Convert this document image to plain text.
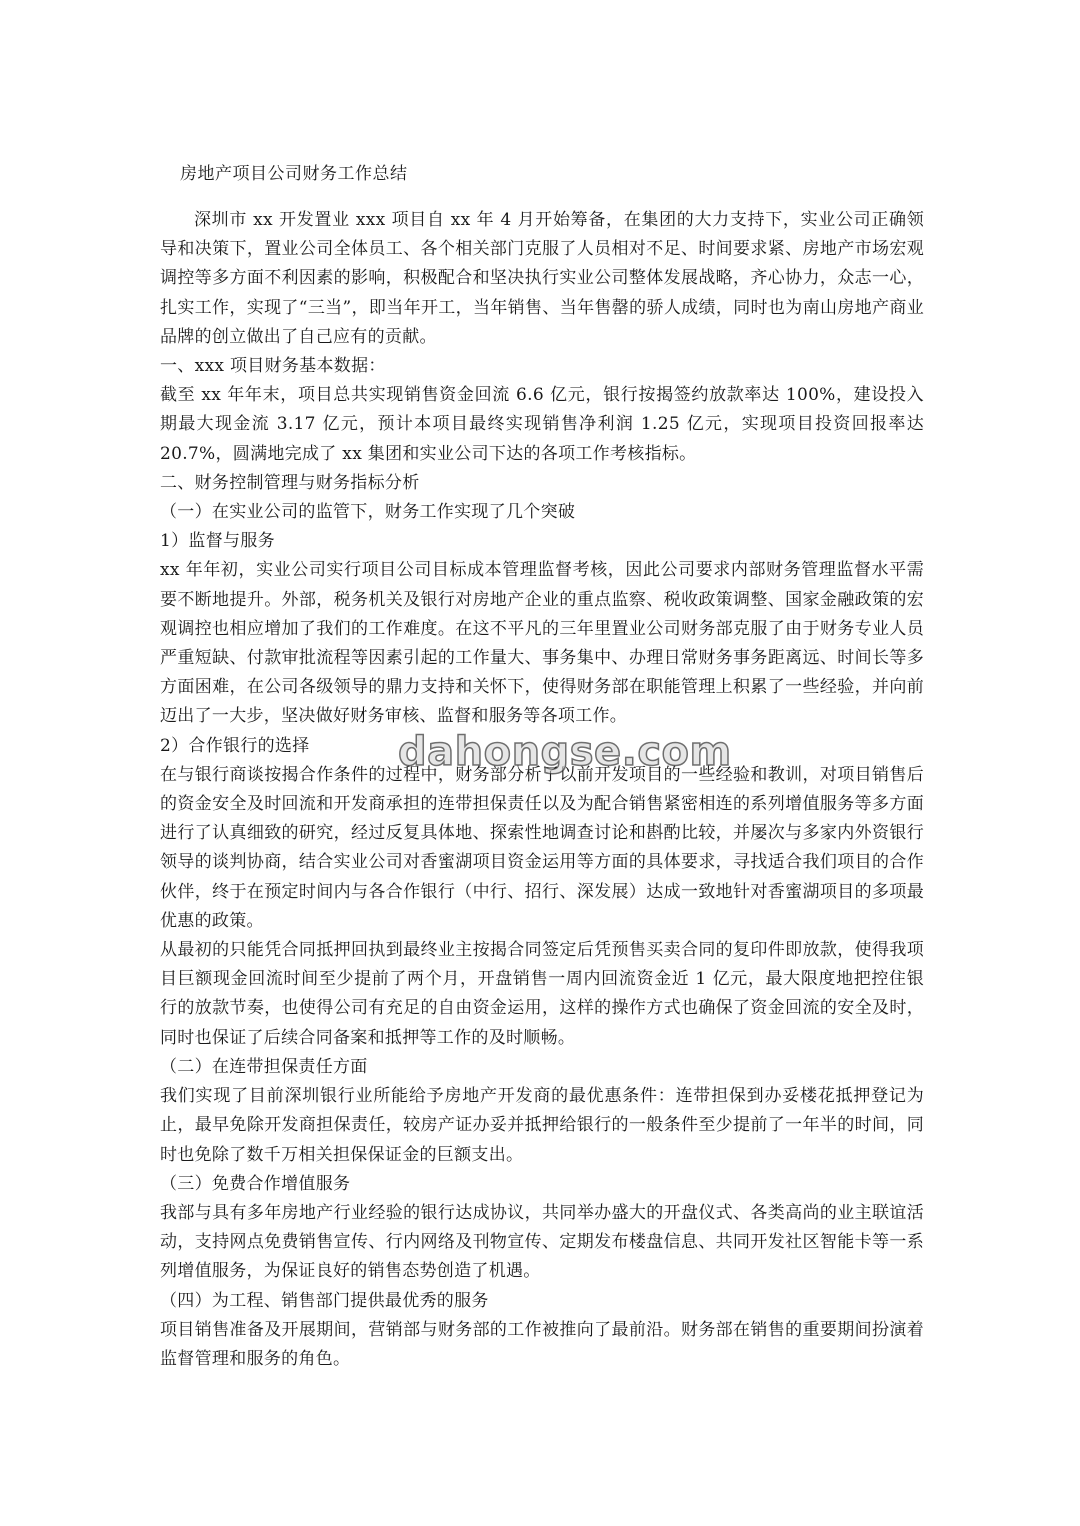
房地产项目公司财务工作总结

深圳市 xx 开发置业 xxx 项目自 xx 年 4 月开始筹备，在集团的大力支持下，实业公司正确领导和决策下，置业公司全体员工、各个相关部门克服了人员相对不足、时间要求紧、房地产市场宏观调控等多方面不利因素的影响，积极配合和坚决执行实业公司整体发展战略，齐心协力，众志一心，扎实工作，实现了“三当”，即当年开工，当年销售、当年售罄的骄人成绩，同时也为南山房地产商业品牌的创立做出了自己应有的贡献。

一、xxx 项目财务基本数据：

截至 xx 年年末，项目总共实现销售资金回流 6.6 亿元，银行按揭签约放款率达 100%，建设投入期最大现金流 3.17 亿元，预计本项目最终实现销售净利润 1.25 亿元，实现项目投资回报率达 20.7%，圆满地完成了 xx 集团和实业公司下达的各项工作考核指标。

二、财务控制管理与财务指标分析

（一）在实业公司的监管下，财务工作实现了几个突破

1）监督与服务

xx 年年初，实业公司实行项目公司目标成本管理监督考核，因此公司要求内部财务管理监督水平需要不断地提升。外部，税务机关及银行对房地产企业的重点监察、税收政策调整、国家金融政策的宏观调控也相应增加了我们的工作难度。在这不平凡的三年里置业公司财务部克服了由于财务专业人员严重短缺、付款审批流程等因素引起的工作量大、事务集中、办理日常财务事务距离远、时间长等多方面困难，在公司各级领导的鼎力支持和关怀下，使得财务部在职能管理上积累了一些经验，并向前迈出了一大步，坚决做好财务审核、监督和服务等各项工作。

2）合作银行的选择

在与银行商谈按揭合作条件的过程中，财务部分析了以前开发项目的一些经验和教训，对项目销售后的资金安全及时回流和开发商承担的连带担保责任以及为配合销售紧密相连的系列增值服务等多方面进行了认真细致的研究，经过反复具体地、探索性地调查讨论和斟酌比较，并屡次与多家内外资银行领导的谈判协商，结合实业公司对香蜜湖项目资金运用等方面的具体要求，寻找适合我们项目的合作伙伴，终于在预定时间内与各合作银行（中行、招行、深发展）达成一致地针对香蜜湖项目的多项最优惠的政策。

从最初的只能凭合同抵押回执到最终业主按揭合同签定后凭预售买卖合同的复印件即放款，使得我项目巨额现金回流时间至少提前了两个月，开盘销售一周内回流资金近 1 亿元，最大限度地把控住银行的放款节奏，也使得公司有充足的自由资金运用，这样的操作方式也确保了资金回流的安全及时，同时也保证了后续合同备案和抵押等工作的及时顺畅。

（二）在连带担保责任方面

我们实现了目前深圳银行业所能给予房地产开发商的最优惠条件：连带担保到办妥楼花抵押登记为止，最早免除开发商担保责任，较房产证办妥并抵押给银行的一般条件至少提前了一年半的时间，同时也免除了数千万相关担保保证金的巨额支出。

（三）免费合作增值服务

我部与具有多年房地产行业经验的银行达成协议，共同举办盛大的开盘仪式、各类高尚的业主联谊活动，支持网点免费销售宣传、行内网络及刊物宣传、定期发布楼盘信息、共同开发社区智能卡等一系列增值服务，为保证良好的销售态势创造了机遇。

（四）为工程、销售部门提供最优秀的服务

项目销售准备及开展期间，营销部与财务部的工作被推向了最前沿。财务部在销售的重要期间扮演着监督管理和服务的角色。

dahongse.com
